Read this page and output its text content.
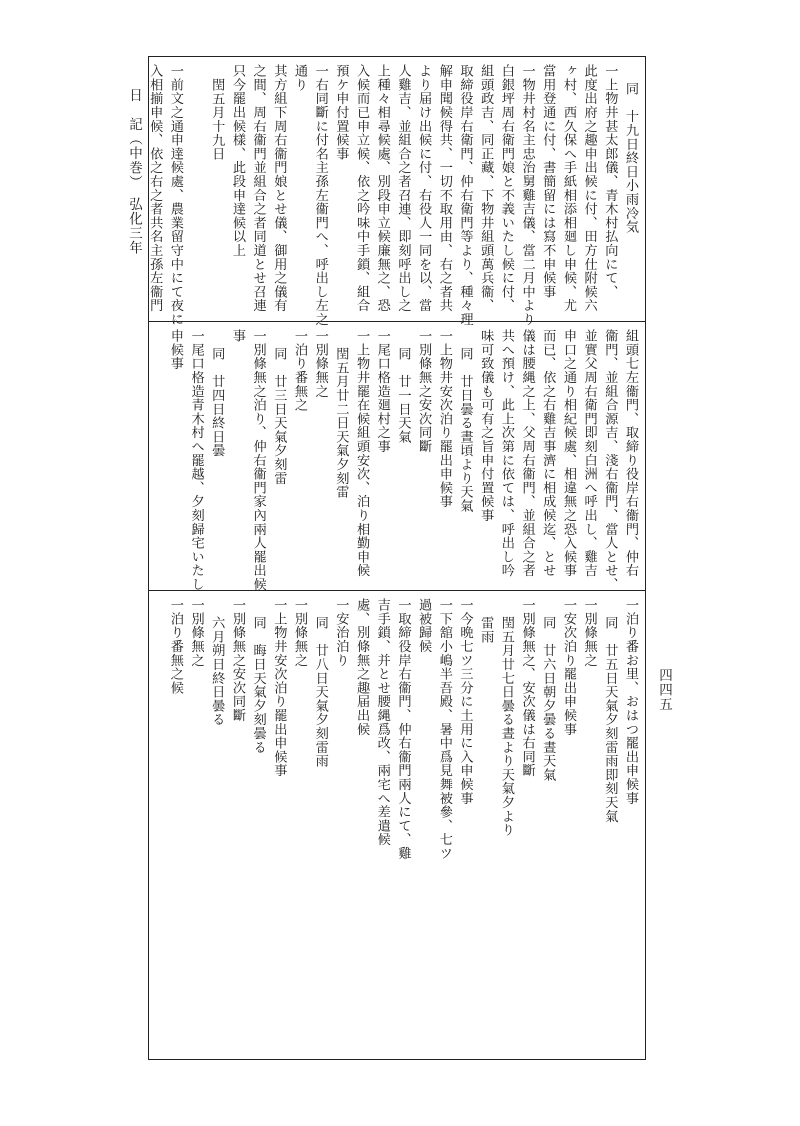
日　記（中巻）　弘化三年
四四五
同　十九日終日小雨冷気
一上物井甚太郎儀、青木村払向にて、
此度出府之趣申出候に付、田方仕附候六
ヶ村、西久保へ手紙相添相廻し申候、尤
當用登通に付、書簡留には寫不申候事
一物井村名主忠治舅雞吉儀、當二月中より
白銀坪周右衛門娘と不義いたし候に付、
組頭政吉、同正藏、下物井組頭萬兵衞、
取締役岸右衛門、仲右衛門等より、種々理
解申聞候得共、一切不取用由、右之者共
より届け出候に付、右役人一同を以、當
人雞吉、並組合之者召連、即刻呼出し之
上種々相尋候處、別段申立候廉無之、恐
入候而已申立候、依之吟味中手鎖、組合
預ケ申付置候事
一右同斷に付名主孫左衞門へ、呼出し左之
通り
其方組下周右衞門娘とせ儀、御用之儀有
之間、周右衞門並組合之者同道とせ召連
只今罷出候樣、此段申達候以上
閏五月十九日
一前文之通申達候處、農業留守中にて夜に
入相揃申候、依之右之者共名主孫左衞門
組頭七左衞門、取締り役岸右衞門、仲右
衞門、並組合源吉、淺右衞門、當人とせ、
並實父周右衛門即刻白洲へ呼出し、雞吉
申口之通り相紀候處、相違無之恐入候事
而已、依之右雞吉事濟に相成候迄、とせ
儀は腰縄之上、父周右衞門、並組合之者
共へ預け、此上次第に依ては、呼出し吟
味可致儀も可有之旨申付置候事
同　廿日曇る晝頃より天氣
一上物井安次泊り罷出申候事
一別條無之安次同斷
同　廿一日天氣
一尾口格造廻村之事
一上物井罷在候組頭安次、泊り相勤申候
閏五月廿二日天氣夕刻雷
一別條無之
一泊り番無之
同　廿三日天氣夕刻雷
一別條無之泊り、仲右衞門家內兩人罷出候
事
同　廿四日終日曇
一尾口格造青木村へ罷越、夕刻歸宅いたし
申候事
一泊り番お里、おはつ罷出申候事
同　廿五日天氣夕刻雷雨即刻天氣
一別條無之
一安次泊り罷出申候事
同　廿六日朝夕曇る晝天氣
一別條無之、安次儀は右同斷
閏五月廿七日曇る晝より天氣夕より
雷雨
一今晩七ツ三分に土用に入申候事
一下舘小嶋半吾殿、暑中爲見舞被參、七ツ
過被歸候
一取締役岸右衞門、仲右衞門兩人にて、雞
吉手鎖、并とせ腰縄爲改、兩宅へ差遣候
處、別條無之趣届出候
一安治泊り
同　廿八日天氣夕刻雷雨
一別條無之
一上物井安次泊り罷出申候事
同　晦日天氣夕刻曇る
一別條無之安次同斷
六月朔日終日曇る
一別條無之
一泊り番無之候
